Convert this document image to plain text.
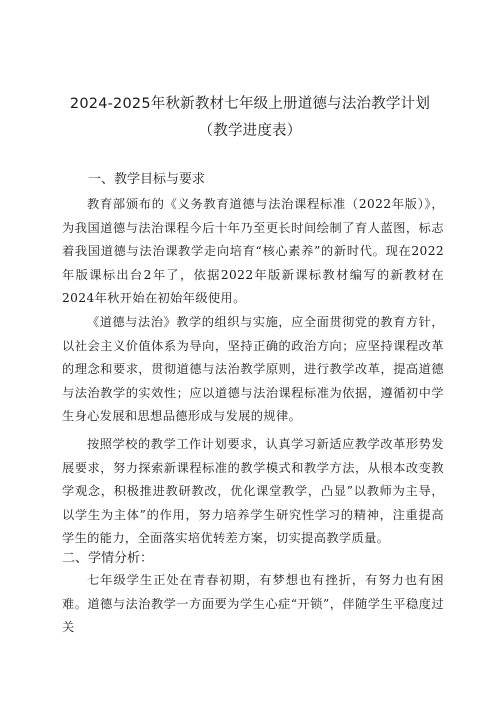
2024-2025年秋新教材七年级上册道德与法治教学计划
（教学进度表）
一、教学目标与要求

教育部颁布的《义务教育道德与法治课程标准（2022年版）》，为我国道德与法治课程今后十年乃至更长时间绘制了育人蓝图，标志着我国道德与法治课教学走向培育“核心素养”的新时代。现在2022年版课标出台2年了，依据2022年版新课标教材编写的新教材在2024年秋开始在初始年级使用。

《道德与法治》教学的组织与实施，应全面贯彻党的教育方针，以社会主义价值体系为导向，坚持正确的政治方向；应坚持课程改革的理念和要求，贯彻道德与法治教学原则，进行教学改革，提高道德与法治教学的实效性；应以道德与法治课程标准为依据，遵循初中学生身心发展和思想品德形成与发展的规律。

按照学校的教学工作计划要求，认真学习新适应教学改革形势发展要求，努力探索新课程标准的教学模式和教学方法，从根本改变教学观念，积极推进教研教改，优化课堂教学，凸显”以教师为主导，以学生为主体”的作用，努力培养学生研究性学习的精神，注重提高学生的能力，全面落实培优转差方案，切实提高教学质量。

二、学情分析：

七年级学生正处在青春初期，有梦想也有挫折，有努力也有困难。道德与法治教学一方面要为学生心症“开锁”，伴随学生平稳度过关
